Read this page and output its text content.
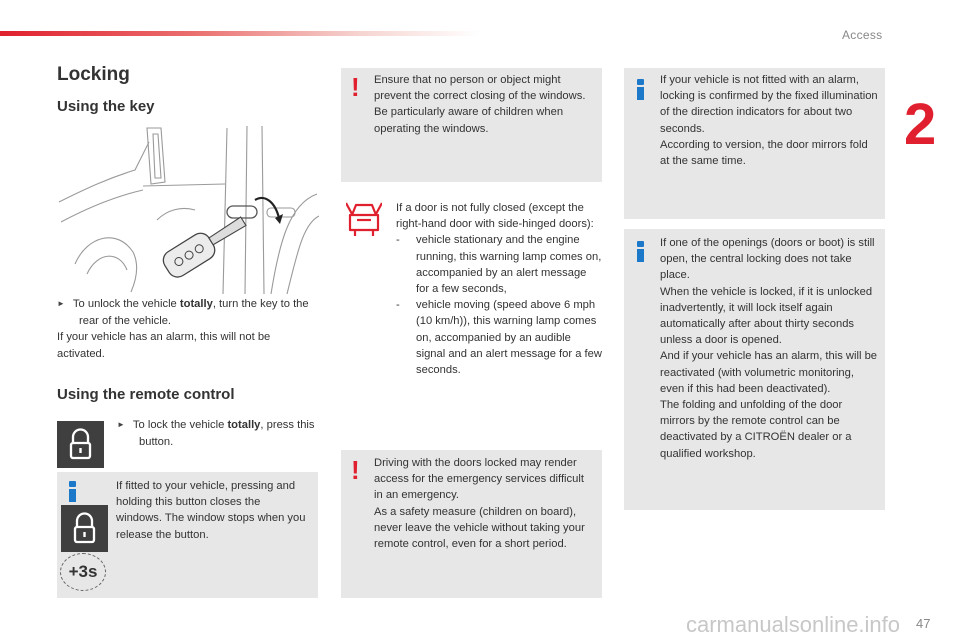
Access
2
47
carmanualsonline.info
Locking
Using the key
► To unlock the vehicle totally, turn the key to the rear of the vehicle.
If your vehicle has an alarm, this will not be activated.
Using the remote control
► To lock the vehicle totally, press this button.
+3s
If fitted to your vehicle, pressing and holding this button closes the windows. The window stops when you release the button.
! Ensure that no person or object might prevent the correct closing of the windows.
Be particularly aware of children when operating the windows.
If a door is not fully closed (except the right-hand door with side-hinged doors):
- vehicle stationary and the engine running, this warning lamp comes on, accompanied by an alert message for a few seconds,
- vehicle moving (speed above 6 mph (10 km/h)), this warning lamp comes on, accompanied by an audible signal and an alert message for a few seconds.
! Driving with the doors locked may render access for the emergency services difficult in an emergency.
As a safety measure (children on board), never leave the vehicle without taking your remote control, even for a short period.
If your vehicle is not fitted with an alarm, locking is confirmed by the fixed illumination of the direction indicators for about two seconds.
According to version, the door mirrors fold at the same time.
If one of the openings (doors or boot) is still open, the central locking does not take place.
When the vehicle is locked, if it is unlocked inadvertently, it will lock itself again automatically after about thirty seconds unless a door is opened.
And if your vehicle has an alarm, this will be reactivated (with volumetric monitoring, even if this had been deactivated).
The folding and unfolding of the door mirrors by the remote control can be deactivated by a CITROËN dealer or a qualified workshop.
